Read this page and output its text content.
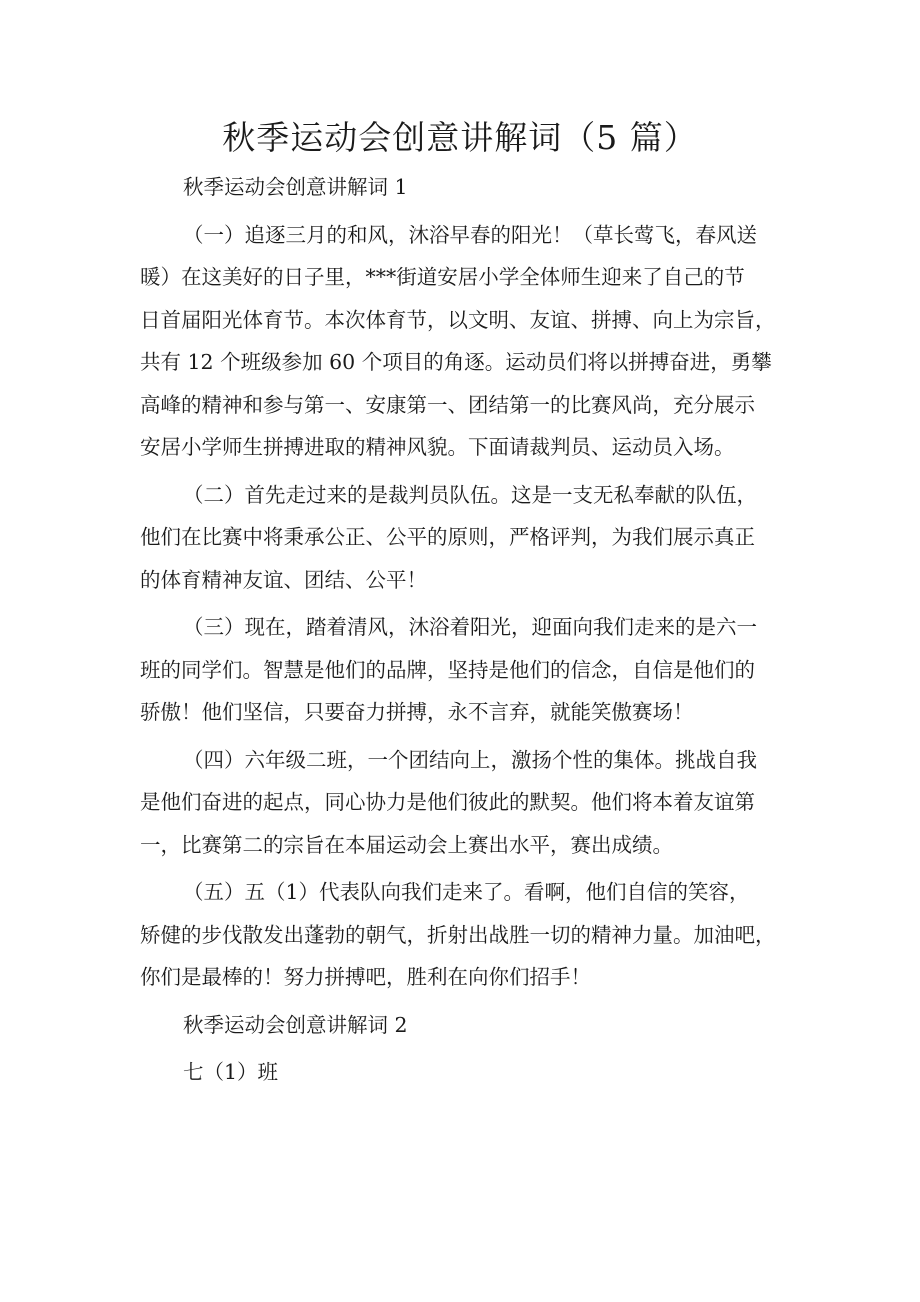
秋季运动会创意讲解词（5 篇）

秋季运动会创意讲解词 1

（一）追逐三月的和风，沐浴早春的阳光！（草长莺飞，春风送
暖）在这美好的日子里，***街道安居小学全体师生迎来了自己的节
日首届阳光体育节。本次体育节，以文明、友谊、拼搏、向上为宗旨，
共有 12 个班级参加 60 个项目的角逐。运动员们将以拼搏奋进，勇攀
高峰的精神和参与第一、安康第一、团结第一的比赛风尚，充分展示
安居小学师生拼搏进取的精神风貌。下面请裁判员、运动员入场。

（二）首先走过来的是裁判员队伍。这是一支无私奉献的队伍，
他们在比赛中将秉承公正、公平的原则，严格评判，为我们展示真正
的体育精神友谊、团结、公平！

（三）现在，踏着清风，沐浴着阳光，迎面向我们走来的是六一
班的同学们。智慧是他们的品牌，坚持是他们的信念，自信是他们的
骄傲！他们坚信，只要奋力拼搏，永不言弃，就能笑傲赛场！

（四）六年级二班，一个团结向上，激扬个性的集体。挑战自我
是他们奋进的起点，同心协力是他们彼此的默契。他们将本着友谊第
一，比赛第二的宗旨在本届运动会上赛出水平，赛出成绩。

（五）五（1）代表队向我们走来了。看啊，他们自信的笑容，
矫健的步伐散发出蓬勃的朝气，折射出战胜一切的精神力量。加油吧，
你们是最棒的！努力拼搏吧，胜利在向你们招手！

秋季运动会创意讲解词 2

七（1）班
